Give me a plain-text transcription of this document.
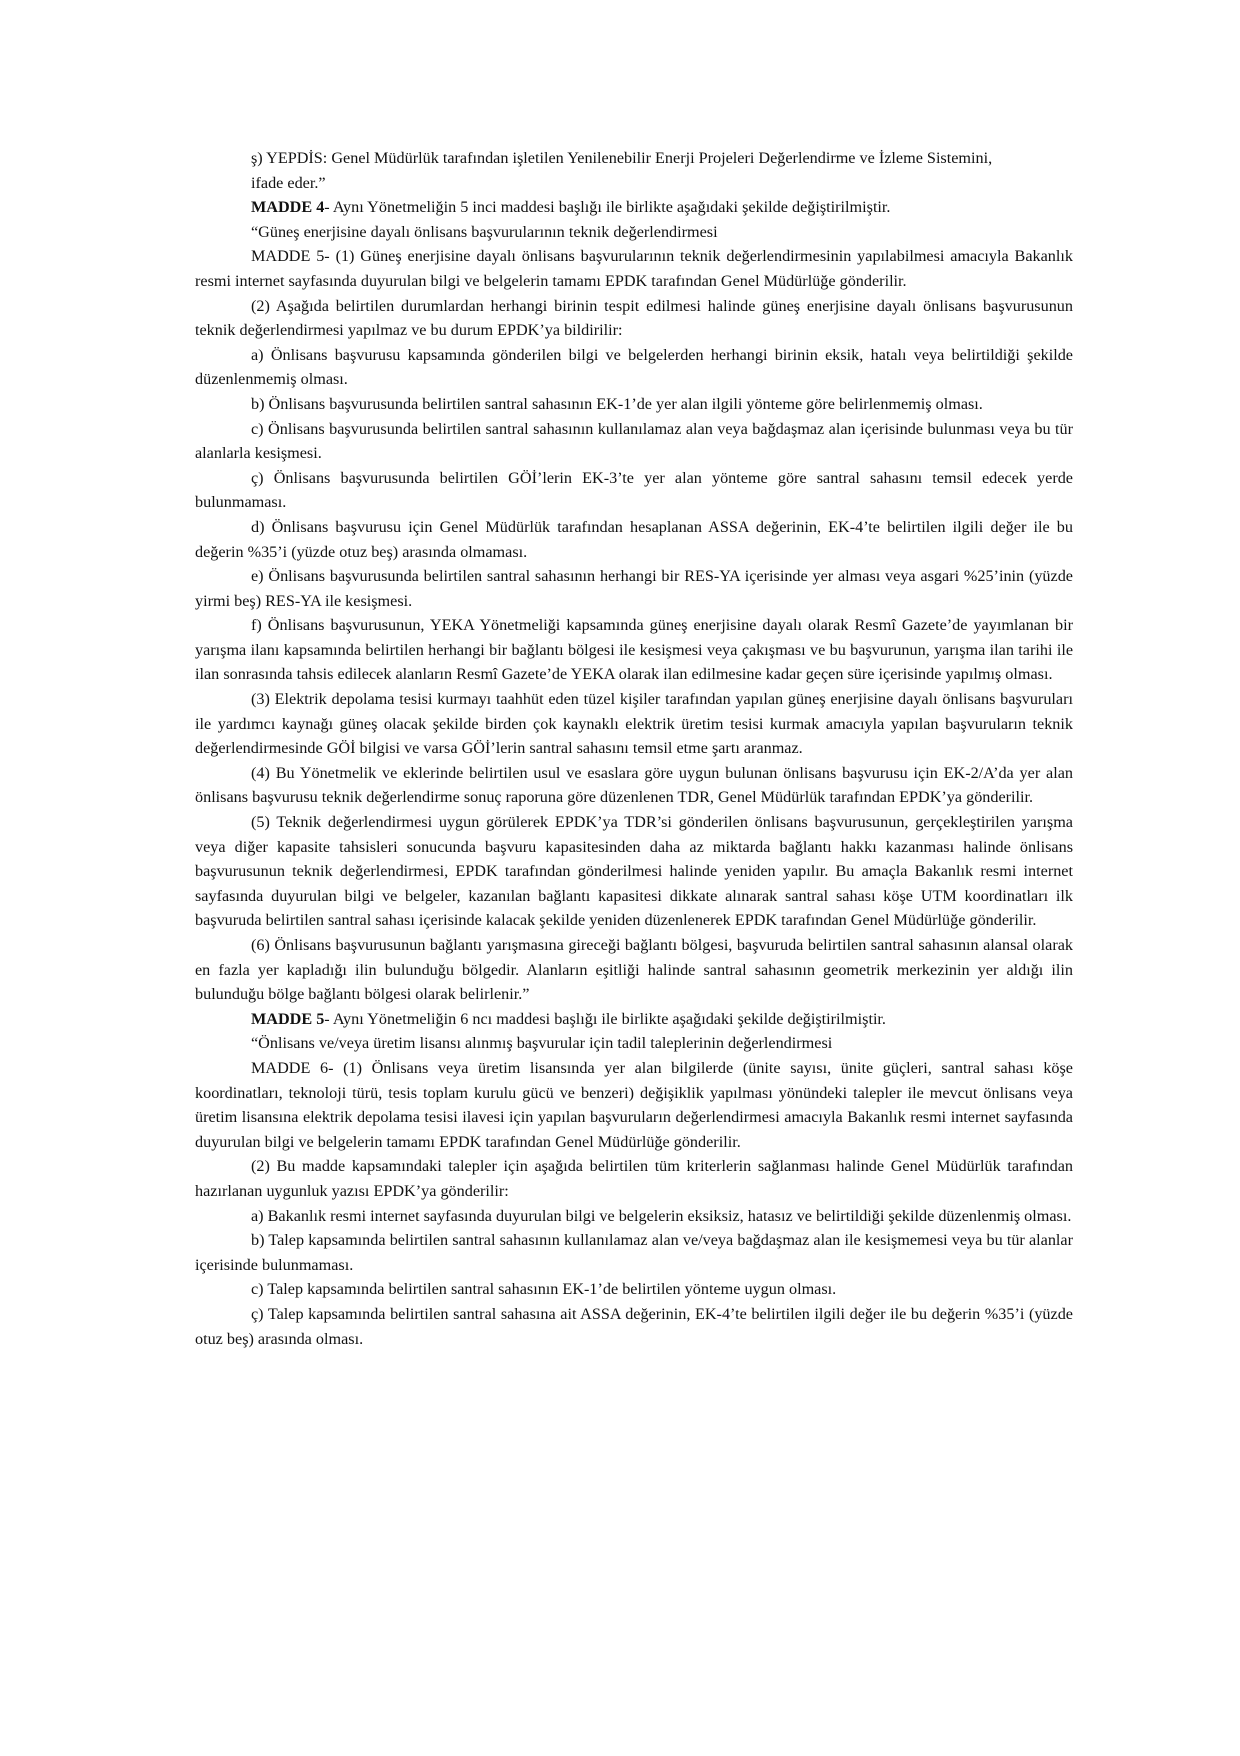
ş) YEPDİS: Genel Müdürlük tarafından işletilen Yenilenebilir Enerji Projeleri Değerlendirme ve İzleme Sistemini,

ifade eder.”

MADDE 4- Aynı Yönetmeliğin 5 inci maddesi başlığı ile birlikte aşağıdaki şekilde değiştirilmiştir.

“Güneş enerjisine dayalı önlisans başvurularının teknik değerlendirmesi

MADDE 5- (1) Güneş enerjisine dayalı önlisans başvurularının teknik değerlendirmesinin yapılabilmesi amacıyla Bakanlık resmi internet sayfasında duyurulan bilgi ve belgelerin tamamı EPDK tarafından Genel Müdürlüğe gönderilir.

(2) Aşağıda belirtilen durumlardan herhangi birinin tespit edilmesi halinde güneş enerjisine dayalı önlisans başvurusunun teknik değerlendirmesi yapılmaz ve bu durum EPDK’ya bildirilir:

a) Önlisans başvurusu kapsamında gönderilen bilgi ve belgelerden herhangi birinin eksik, hatalı veya belirtildiği şekilde düzenlenmemiş olması.

b) Önlisans başvurusunda belirtilen santral sahasının EK-1’de yer alan ilgili yönteme göre belirlenmemiş olması.

c) Önlisans başvurusunda belirtilen santral sahasının kullanılamaz alan veya bağdaşmaz alan içerisinde bulunması veya bu tür alanlarla kesişmesi.

ç) Önlisans başvurusunda belirtilen GÖİ’lerin EK-3’te yer alan yönteme göre santral sahasını temsil edecek yerde bulunmaması.

d) Önlisans başvurusu için Genel Müdürlük tarafından hesaplanan ASSA değerinin, EK-4’te belirtilen ilgili değer ile bu değerin %35’i (yüzde otuz beş) arasında olmaması.

e) Önlisans başvurusunda belirtilen santral sahasının herhangi bir RES-YA içerisinde yer alması veya asgari %25’inin (yüzde yirmi beş) RES-YA ile kesişmesi.

f) Önlisans başvurusunun, YEKA Yönetmeliği kapsamında güneş enerjisine dayalı olarak Resmî Gazete’de yayımlanan bir yarışma ilanı kapsamında belirtilen herhangi bir bağlantı bölgesi ile kesişmesi veya çakışması ve bu başvurunun, yarışma ilan tarihi ile ilan sonrasında tahsis edilecek alanların Resmî Gazete’de YEKA olarak ilan edilmesine kadar geçen süre içerisinde yapılmış olması.

(3) Elektrik depolama tesisi kurmayı taahhüt eden tüzel kişiler tarafından yapılan güneş enerjisine dayalı önlisans başvuruları ile yardımcı kaynağı güneş olacak şekilde birden çok kaynaklı elektrik üretim tesisi kurmak amacıyla yapılan başvuruların teknik değerlendirmesinde GÖİ bilgisi ve varsa GÖİ’lerin santral sahasını temsil etme şartı aranmaz.

(4) Bu Yönetmelik ve eklerinde belirtilen usul ve esaslara göre uygun bulunan önlisans başvurusu için EK-2/A’da yer alan önlisans başvurusu teknik değerlendirme sonuç raporuna göre düzenlenen TDR, Genel Müdürlük tarafından EPDK’ya gönderilir.

(5) Teknik değerlendirmesi uygun görülerek EPDK’ya TDR’si gönderilen önlisans başvurusunun, gerçekleştirilen yarışma veya diğer kapasite tahsisleri sonucunda başvuru kapasitesinden daha az miktarda bağlantı hakkı kazanması halinde önlisans başvurusunun teknik değerlendirmesi, EPDK tarafından gönderilmesi halinde yeniden yapılır. Bu amaçla Bakanlık resmi internet sayfasında duyurulan bilgi ve belgeler, kazanılan bağlantı kapasitesi dikkate alınarak santral sahası köşe UTM koordinatları ilk başvuruda belirtilen santral sahası içerisinde kalacak şekilde yeniden düzenlenerek EPDK tarafından Genel Müdürlüğe gönderilir.

(6) Önlisans başvurusunun bağlantı yarışmasına gireceği bağlantı bölgesi, başvuruda belirtilen santral sahasının alansal olarak en fazla yer kapladığı ilin bulunduğu bölgedir. Alanların eşitliği halinde santral sahasının geometrik merkezinin yer aldığı ilin bulunduğu bölge bağlantı bölgesi olarak belirlenir.”

MADDE 5- Aynı Yönetmeliğin 6 ncı maddesi başlığı ile birlikte aşağıdaki şekilde değiştirilmiştir.

“Önlisans ve/veya üretim lisansı alınmış başvurular için tadil taleplerinin değerlendirmesi

MADDE 6- (1) Önlisans veya üretim lisansında yer alan bilgilerde (ünite sayısı, ünite güçleri, santral sahası köşe koordinatları, teknoloji türü, tesis toplam kurulu gücü ve benzeri) değişiklik yapılması yönündeki talepler ile mevcut önlisans veya üretim lisansına elektrik depolama tesisi ilavesi için yapılan başvuruların değerlendirmesi amacıyla Bakanlık resmi internet sayfasında duyurulan bilgi ve belgelerin tamamı EPDK tarafından Genel Müdürlüğe gönderilir.

(2) Bu madde kapsamındaki talepler için aşağıda belirtilen tüm kriterlerin sağlanması halinde Genel Müdürlük tarafından hazırlanan uygunluk yazısı EPDK’ya gönderilir:

a) Bakanlık resmi internet sayfasında duyurulan bilgi ve belgelerin eksiksiz, hatasız ve belirtildiği şekilde düzenlenmiş olması.

b) Talep kapsamında belirtilen santral sahasının kullanılamaz alan ve/veya bağdaşmaz alan ile kesişmemesi veya bu tür alanlar içerisinde bulunmaması.

c) Talep kapsamında belirtilen santral sahasının EK-1’de belirtilen yönteme uygun olması.

ç) Talep kapsamında belirtilen santral sahasına ait ASSA değerinin, EK-4’te belirtilen ilgili değer ile bu değerin %35’i (yüzde otuz beş) arasında olması.
